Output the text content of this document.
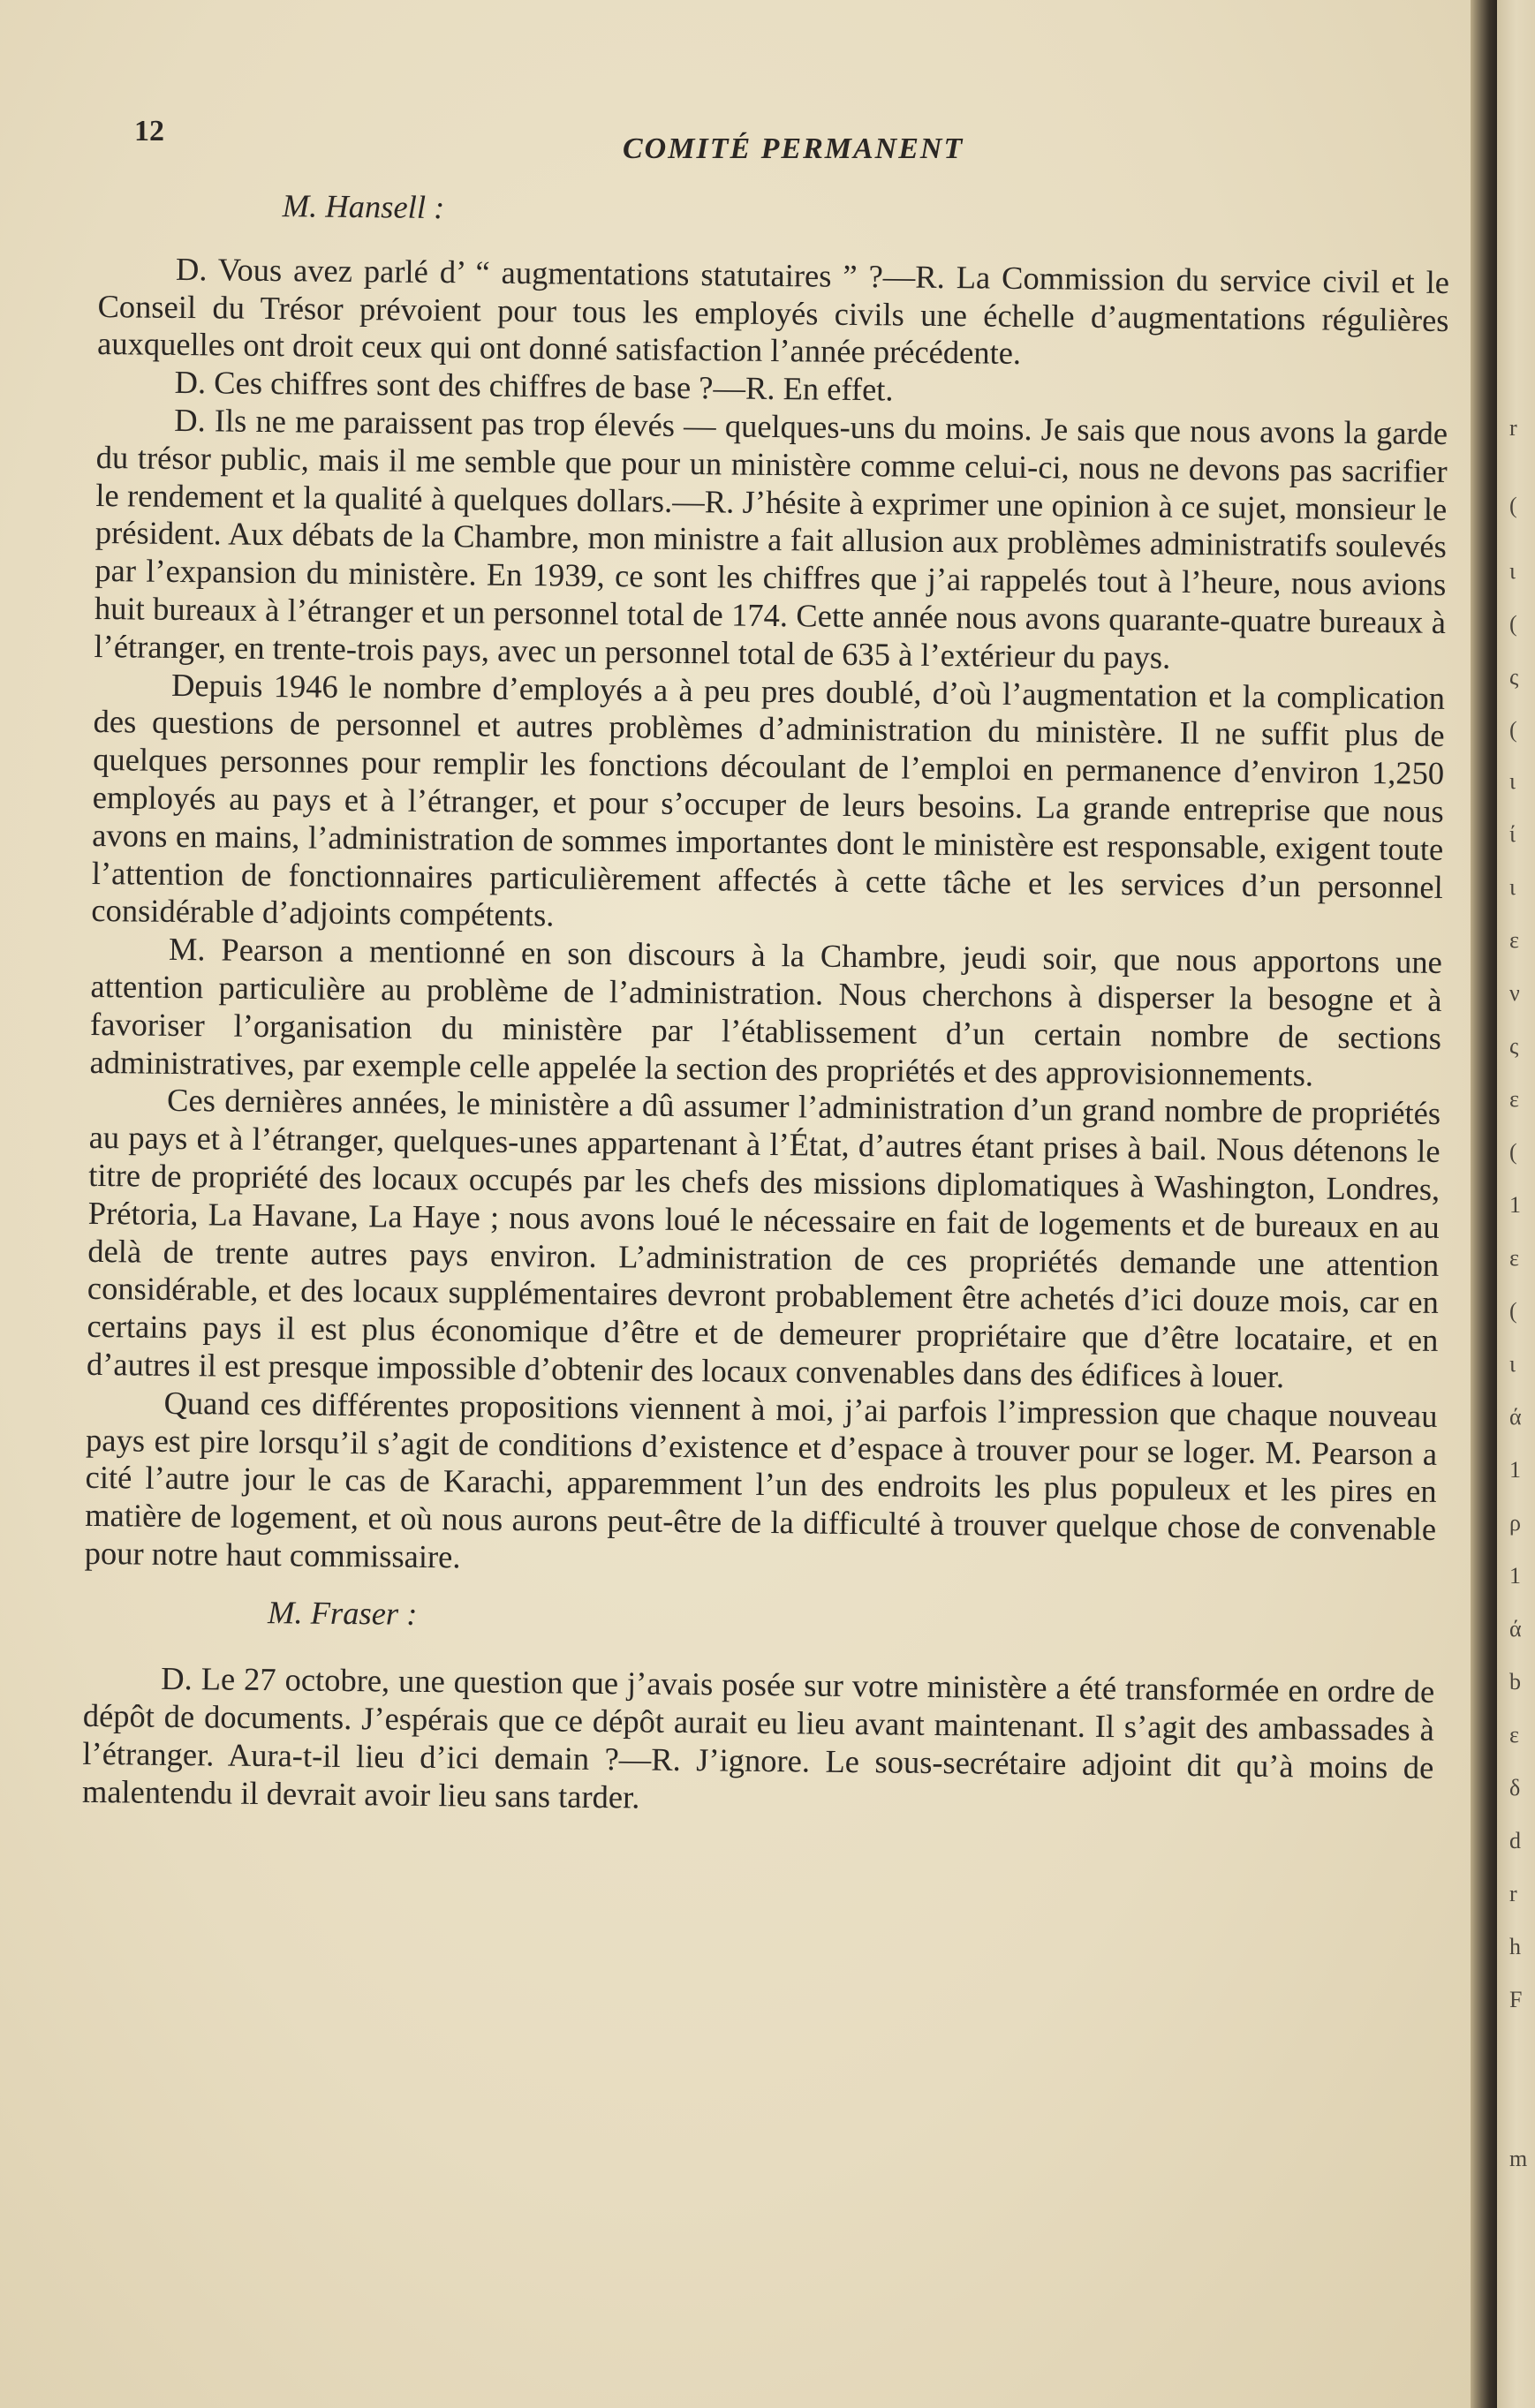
r
(
ι
(
ς
(
ι
ί
ι
ε
ν
ς
ε
(
1
ε
(
ι
ά
1
ρ
1
ά
b
ε
δ
d
r
h
F
m
12
COMITÉ PERMANENT

M. Hansell :

D. Vous avez parlé d’ “ augmentations statutaires ” ?—R. La Commission du service civil et le Conseil du Trésor prévoient pour tous les employés civils une échelle d’augmentations régulières auxquelles ont droit ceux qui ont donné satisfaction l’année précédente.

D. Ces chiffres sont des chiffres de base ?—R. En effet.

D. Ils ne me paraissent pas trop élevés — quelques-uns du moins. Je sais que nous avons la garde du trésor public, mais il me semble que pour un ministère comme celui-ci, nous ne devons pas sacrifier le rendement et la qualité à quelques dollars.—R. J’hésite à exprimer une opinion à ce sujet, monsieur le président. Aux débats de la Chambre, mon ministre a fait allusion aux problèmes administratifs soulevés par l’expansion du ministère. En 1939, ce sont les chiffres que j’ai rappelés tout à l’heure, nous avions huit bureaux à l’étranger et un personnel total de 174. Cette année nous avons quarante-quatre bureaux à l’étranger, en trente-trois pays, avec un personnel total de 635 à l’extérieur du pays.

Depuis 1946 le nombre d’employés a à peu pres doublé, d’où l’augmentation et la complication des questions de personnel et autres problèmes d’administration du ministère. Il ne suffit plus de quelques personnes pour remplir les fonctions découlant de l’emploi en permanence d’environ 1,250 employés au pays et à l’étranger, et pour s’occuper de leurs besoins. La grande entreprise que nous avons en mains, l’administration de sommes importantes dont le ministère est responsable, exigent toute l’attention de fonctionnaires particulièrement affectés à cette tâche et les services d’un personnel considérable d’adjoints compétents.

M. Pearson a mentionné en son discours à la Chambre, jeudi soir, que nous apportons une attention particulière au problème de l’administration. Nous cherchons à disperser la besogne et à favoriser l’organisation du ministère par l’établissement d’un certain nombre de sections administratives, par exemple celle appelée la section des propriétés et des approvisionnements.

Ces dernières années, le ministère a dû assumer l’administration d’un grand nombre de propriétés au pays et à l’étranger, quelques-unes appartenant à l’État, d’autres étant prises à bail. Nous détenons le titre de propriété des locaux occupés par les chefs des missions diplomatiques à Washington, Londres, Prétoria, La Havane, La Haye ; nous avons loué le nécessaire en fait de logements et de bureaux en au delà de trente autres pays environ. L’administration de ces propriétés demande une attention considérable, et des locaux supplémentaires devront probablement être achetés d’ici douze mois, car en certains pays il est plus économique d’être et de demeurer propriétaire que d’être locataire, et en d’autres il est presque impossible d’obtenir des locaux convenables dans des édifices à louer.

Quand ces différentes propositions viennent à moi, j’ai parfois l’impression que chaque nouveau pays est pire lorsqu’il s’agit de conditions d’existence et d’espace à trouver pour se loger. M. Pearson a cité l’autre jour le cas de Karachi, apparemment l’un des endroits les plus populeux et les pires en matière de logement, et où nous aurons peut-être de la difficulté à trouver quelque chose de convenable pour notre haut commissaire.

M. Fraser :

D. Le 27 octobre, une question que j’avais posée sur votre ministère a été transformée en ordre de dépôt de documents. J’espérais que ce dépôt aurait eu lieu avant maintenant. Il s’agit des ambassades à l’étranger. Aura-t-il lieu d’ici demain ?—R. J’ignore. Le sous-secrétaire adjoint dit qu’à moins de malentendu il devrait avoir lieu sans tarder.
